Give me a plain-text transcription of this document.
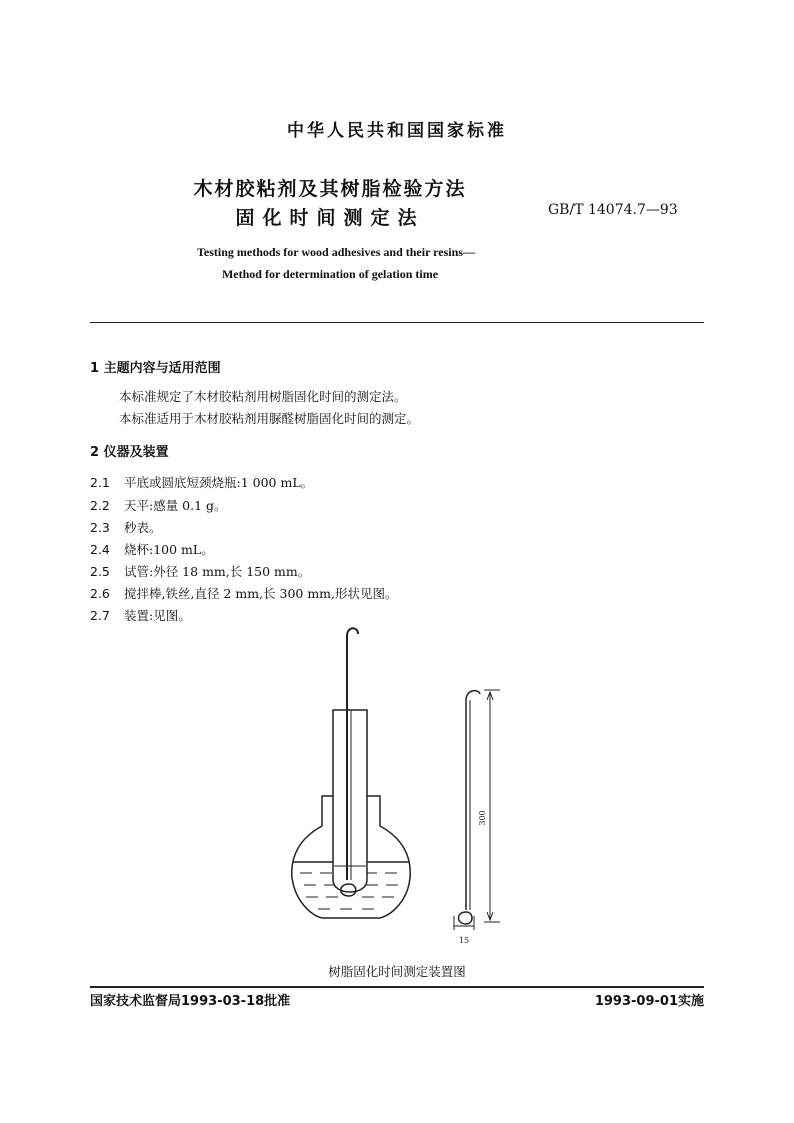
中华人民共和国国家标准
木材胶粘剂及其树脂检验方法
固化时间测定法	GB/T 14074.7—93
Testing methods for wood adhesives and their resins—
Method for determination of gelation time
1 主题内容与适用范围
本标准规定了木材胶粘剂用树脂固化时间的测定法。
本标准适用于木材胶粘剂用脲醛树脂固化时间的测定。
2 仪器及装置
2.1 平底或圆底短颈烧瓶:1 000 mL。
2.2 天平:感量 0.1 g。
2.3 秒表。
2.4 烧杯:100 mL。
2.5 试管:外径 18 mm,长 150 mm。
2.6 搅拌棒,铁丝,直径 2 mm,长 300 mm,形状见图。
2.7 装置:见图。
300
15
树脂固化时间测定装置图
国家技术监督局1993-03-18批准	1993-09-01实施
